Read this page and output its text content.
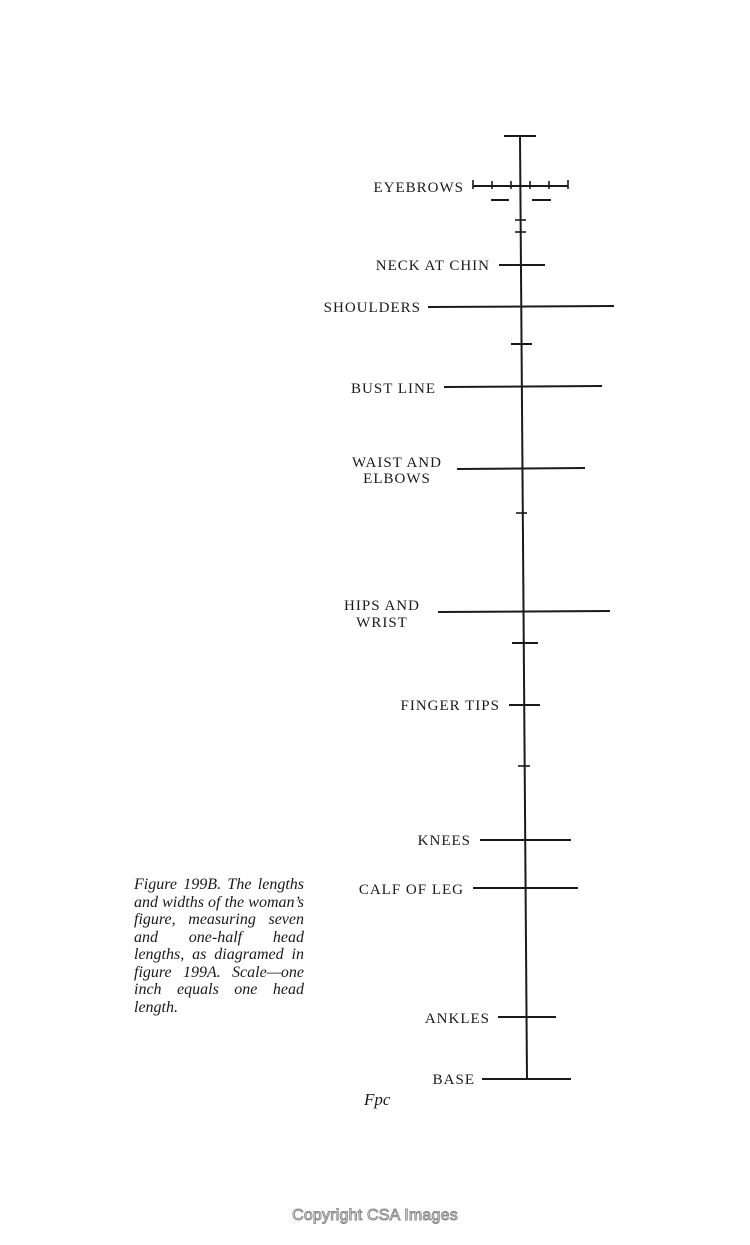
EYEBROWS
NECK AT CHIN
SHOULDERS
BUST LINE
WAIST AND
ELBOWS
HIPS AND
WRIST
FINGER TIPS
KNEES
CALF OF LEG
ANKLES
BASE
Figure 199B. The lengths and widths of the woman’s figure, measuring seven and one-half head lengths, as diagramed in figure 199A. Scale—one inch equals one head length.
Fpc
Copyright CSA Images
